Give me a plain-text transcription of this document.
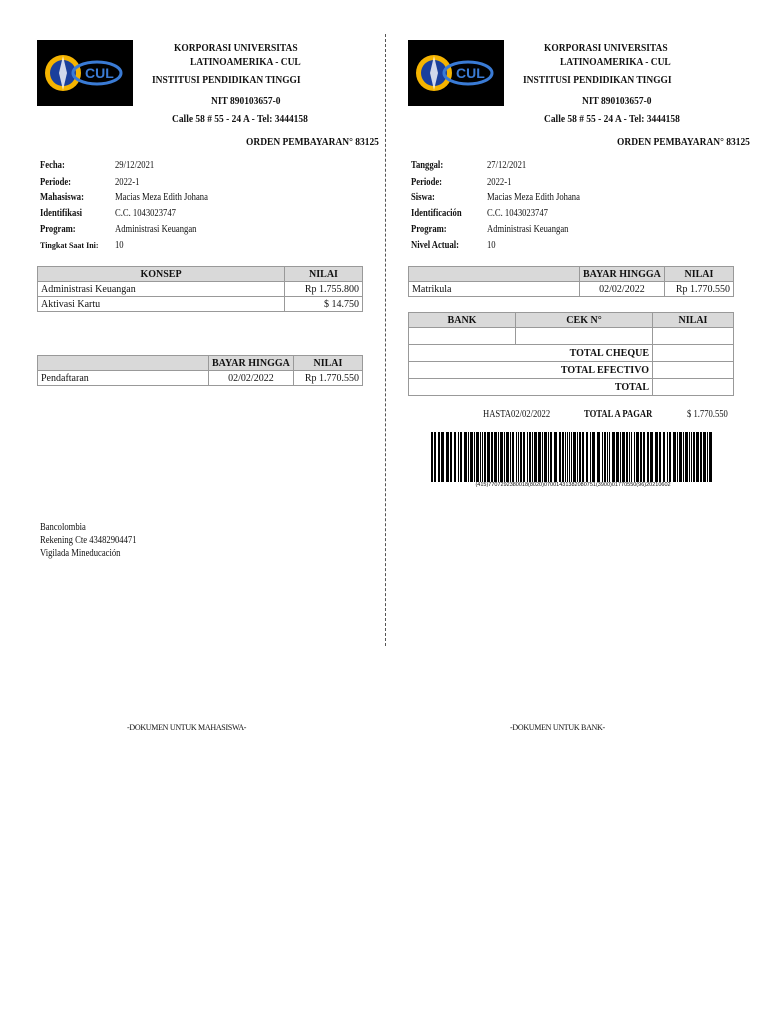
CUL
KORPORASI UNIVERSITAS
LATINOAMERIKA - CUL
INSTITUSI PENDIDIKAN TINGGI
NIT 890103657-0
Calle 58 # 55 - 24 A - Tel: 3444158
ORDEN PEMBAYARAN° 83125
Fecha:	29/12/2021
Periode:	2022-1
Mahasiswa:	Macias Meza Edith Johana
Identifikasi	C.C. 1043023747
Program:	Administrasi Keuangan
Tingkat Saat Ini: 10
KONSEP	NILAI
Administrasi Keuangan	Rp 1.755.800
Aktivasi Kartu	$ 14.750
	BAYAR HINGGA	NILAI
Pendaftaran	02/02/2022	Rp 1.770.550
Bancolombia
Rekening Cte 43482904471
Vigilada Mineducación
-DOKUMEN UNTUK MAHASISWA-
CUL
KORPORASI UNIVERSITAS
LATINOAMERIKA - CUL
INSTITUSI PENDIDIKAN TINGGI
NIT 890103657-0
Calle 58 # 55 - 24 A - Tel: 3444158
ORDEN PEMBAYARAN° 83125
Tanggal:	27/12/2021
Periode:	2022-1
Siswa:	Macias Meza Edith Johana
Identificación	C.C. 1043023747
Program:	Administrasi Keuangan
Nivel Actual:	10
	BAYAR HINGGA	NILAI
Matrikula	02/02/2022	Rp 1.770.550
BANK	CEK N°	NILAI

TOTAL CHEQUE		
TOTAL EFECTIVO		
TOTAL		
HASTA02/02/2022	TOTAL A PAGAR	$ 1.770.550
(415)7707292380018(8020)07001431382080751(3900)01770550(96)20210602
-DOKUMEN UNTUK BANK-
